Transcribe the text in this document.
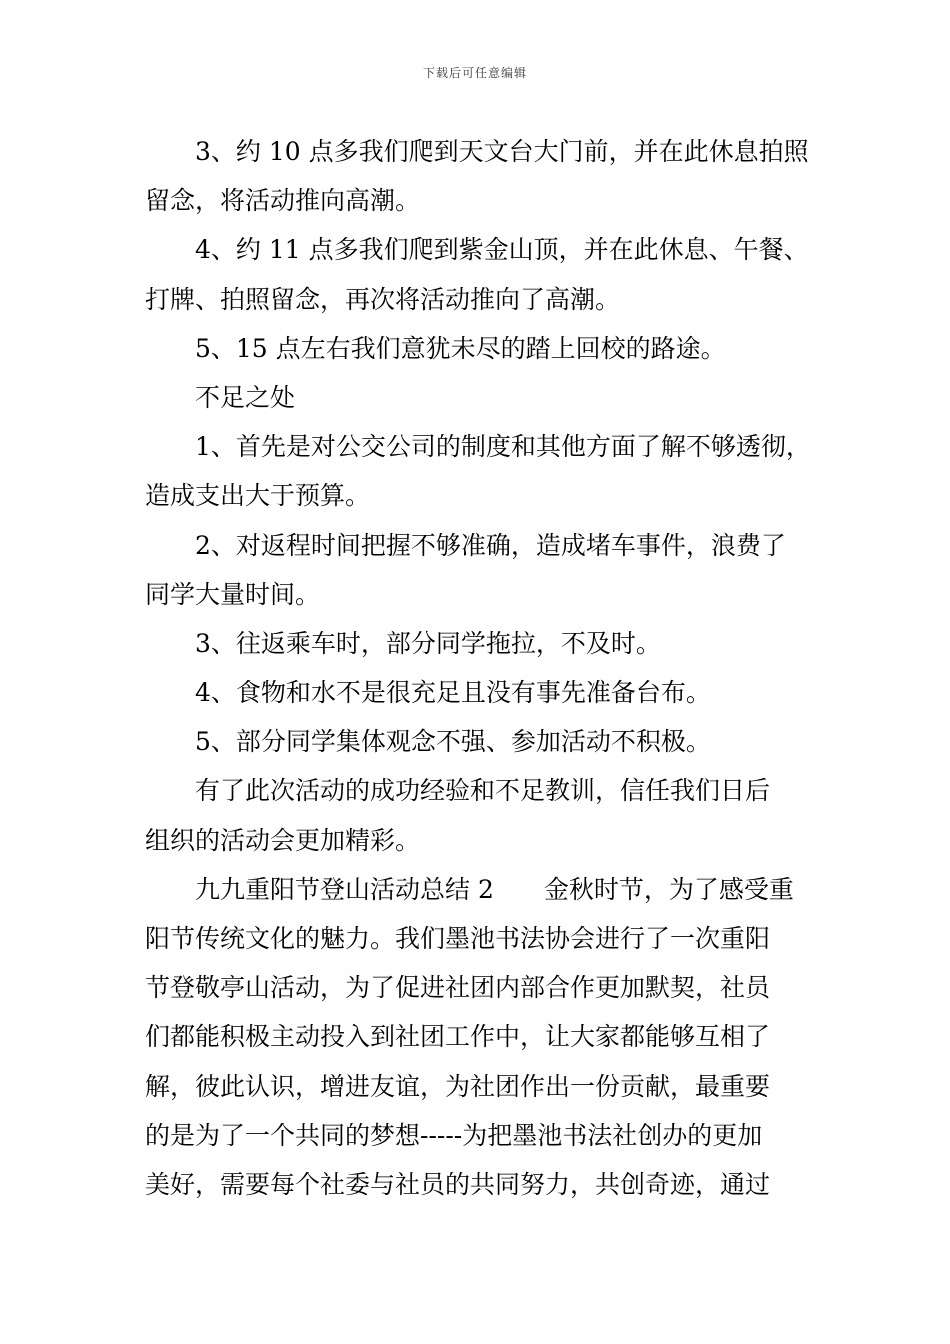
下载后可任意编辑
3、约 10 点多我们爬到天文台大门前，并在此休息拍照
留念，将活动推向高潮。
4、约 11 点多我们爬到紫金山顶，并在此休息、午餐、
打牌、拍照留念，再次将活动推向了高潮。
5、15 点左右我们意犹未尽的踏上回校的路途。
不足之处
1、首先是对公交公司的制度和其他方面了解不够透彻，
造成支出大于预算。
2、对返程时间把握不够准确，造成堵车事件，浪费了
同学大量时间。
3、往返乘车时，部分同学拖拉，不及时。
4、食物和水不是很充足且没有事先准备台布。
5、部分同学集体观念不强、参加活动不积极。
有了此次活动的成功经验和不足教训，信任我们日后
组织的活动会更加精彩。
九九重阳节登山活动总结 2　　金秋时节，为了感受重
阳节传统文化的魅力。我们墨池书法协会进行了一次重阳
节登敬亭山活动，为了促进社团内部合作更加默契，社员
们都能积极主动投入到社团工作中，让大家都能够互相了
解，彼此认识，增进友谊，为社团作出一份贡献，最重要
的是为了一个共同的梦想-----为把墨池书法社创办的更加
美好，需要每个社委与社员的共同努力，共创奇迹，通过
